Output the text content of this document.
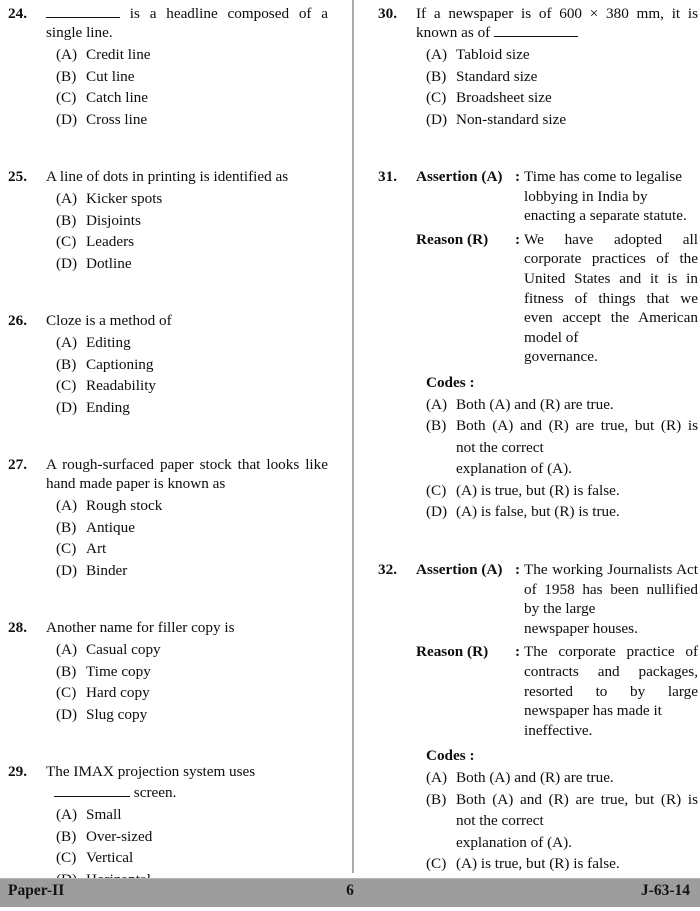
24.	is a headline composed of a single line.

(A) Credit line
(B) Cut line
(C) Catch line
(D) Cross line
25.	A line of dots in printing is identified as

(A) Kicker spots
(B) Disjoints
(C) Leaders
(D) Dotline
26.	Cloze is a method of

(A) Editing
(B) Captioning
(C) Readability
(D) Ending
27.	A rough-surfaced paper stock that looks like hand made paper is known as

(A) Rough stock
(B) Antique
(C) Art
(D) Binder
28.	Another name for filler copy is

(A) Casual copy
(B) Time copy
(C) Hard copy
(D) Slug copy
29.	The IMAX projection system uses

screen.

(A) Small
(B) Over-sized
(C) Vertical
30.	If a newspaper is of 600 × 380 mm, it is known as of

(A) Tabloid size
(B) Standard size
(C) Broadsheet size
(D) Non-standard size
31.	Assertion (A) : Time has come to legalise lobbying in India by enacting a separate statute.
Reason (R) : We have adopted all corporate practices of the United States and it is in fitness of things that we even accept the American model of
governance.
Codes :
(A) Both (A) and (R) are true.
(B) Both (A) and (R) are true, but (R) is not the correct
explanation of (A).
(C) (A) is true, but (R) is false.
(D) (A) is false, but (R) is true.
32.	Assertion (A) : The working Journalists Act of 1958 has been nullified by the large
newspaper houses.
Reason (R) : The corporate practice of contracts and packages, resorted to by large newspaper has made it
ineffective.
Codes :
(A) Both (A) and (R) are true.
(B) Both (A) and (R) are true, but (R) is not the correct
explanation of (A).
(C) (A) is true, but (R) is false.
Paper-II	6	J-63-14
